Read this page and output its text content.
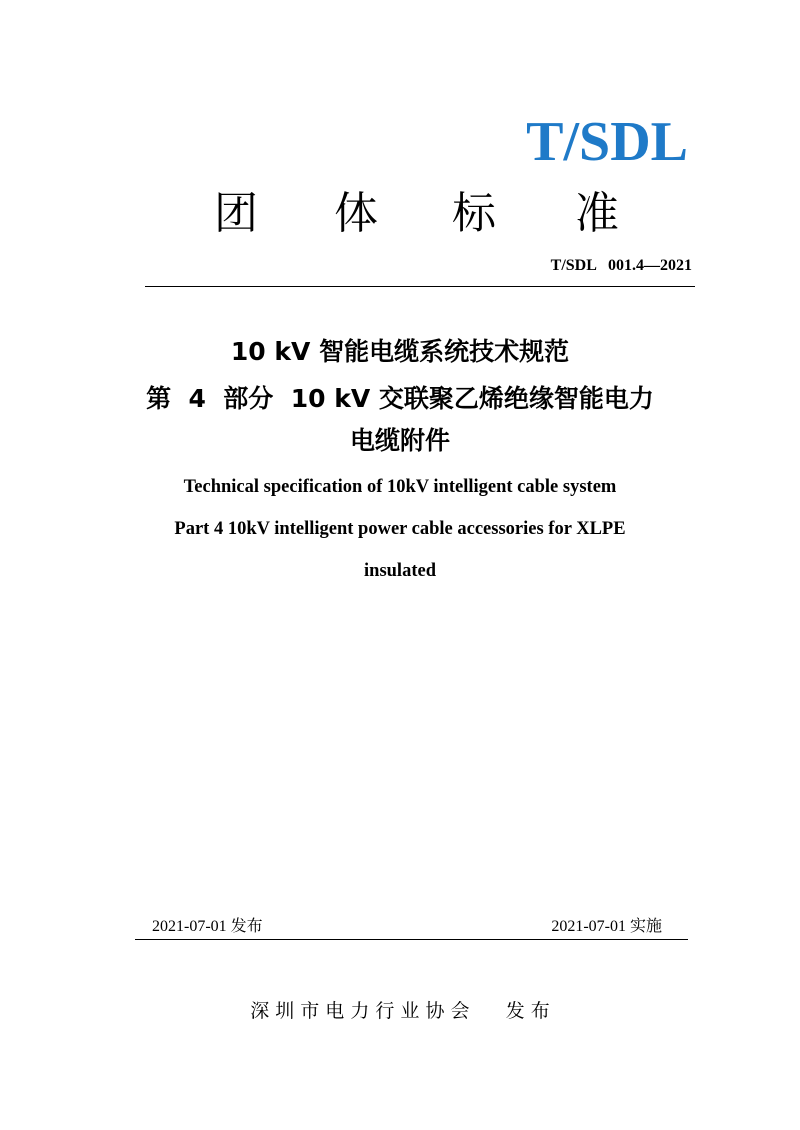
T/SDL
团 体 标 准
T/SDL   001.4—2021
10 kV 智能电缆系统技术规范
第  4  部分  10 kV 交联聚乙烯绝缘智能电力
电缆附件
Technical specification of 10kV intelligent cable system
Part 4 10kV intelligent power cable accessories for XLPE
insulated
2021-07-01 发布	2021-07-01 实施
深 圳 市 电 力 行 业 协 会      发 布
